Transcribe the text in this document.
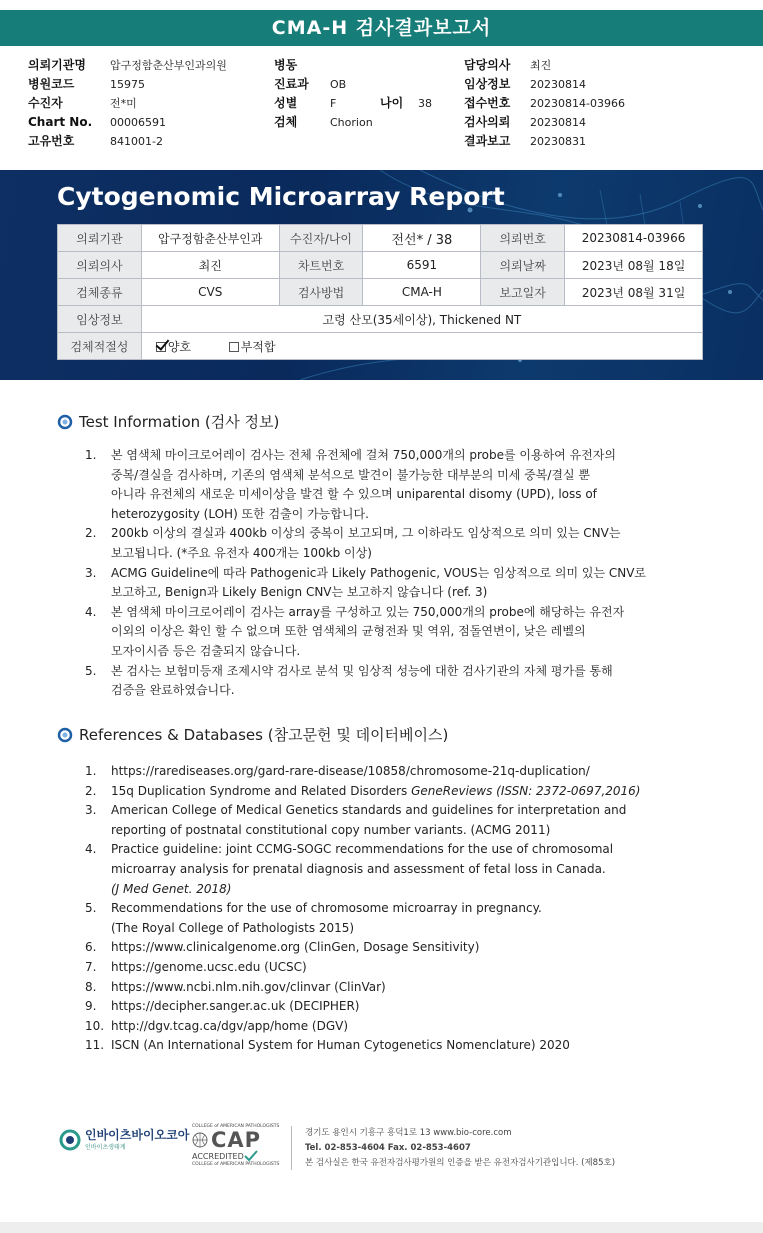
CMA-H 검사결과보고서
의뢰기관명 압구정함춘산부인과의원
병원코드	15975
수진자	전*미
Chart No. 00006591
고유번호	841001-2
병동
진료과 OB
성별	F	나이 38
검체	Chorion
담당의사 최진
임상정보 20230814
접수번호 20230814-03966
검사의뢰 20230814
결과보고 20230831
Cytogenomic Microarray Report
의뢰기관	압구정함춘산부인과	수진자/나이	전선* / 38	의뢰번호	20230814-03966
의뢰의사	최진	차트번호	6591	의뢰날짜	2023년 08월 18일
검체종류	CVS	검사방법	CMA-H	보고일자	2023년 08월 31일
임상정보	고령 산모(35세이상), Thickened NT				
검체적절성	양호 부적합				
Test Information (검사 정보)
1. 본 염색체 마이크로어레이 검사는 전체 유전체에 걸쳐 750,000개의 probe를 이용하여 유전자의
중복/결실을 검사하며, 기존의 염색체 분석으로 발견이 불가능한 대부분의 미세 중복/결실 뿐
아니라 유전체의 새로운 미세이상을 발견 할 수 있으며 uniparental disomy (UPD), loss of
heterozygosity (LOH) 또한 검출이 가능합니다.
2. 200kb 이상의 결실과 400kb 이상의 중복이 보고되며, 그 이하라도 임상적으로 의미 있는 CNV는
보고됩니다. (*주요 유전자 400개는 100kb 이상)
3. ACMG Guideline에 따라 Pathogenic과 Likely Pathogenic, VOUS는 임상적으로 의미 있는 CNV로
보고하고, Benign과 Likely Benign CNV는 보고하지 않습니다 (ref. 3)
4. 본 염색체 마이크로어레이 검사는 array를 구성하고 있는 750,000개의 probe에 해당하는 유전자
이외의 이상은 확인 할 수 없으며 또한 염색체의 균형전좌 및 역위, 점돌연변이, 낮은 레벨의
모자이시즘 등은 검출되지 않습니다.
5. 본 검사는 보험미등재 조제시약 검사로 분석 및 임상적 성능에 대한 검사기관의 자체 평가를 통해
검증을 완료하였습니다.
References & Databases (참고문헌 및 데이터베이스)
1. https://rarediseases.org/gard-rare-disease/10858/chromosome-21q-duplication/
2. 15q Duplication Syndrome and Related Disorders GeneReviews (ISSN: 2372-0697,2016)
3. American College of Medical Genetics standards and guidelines for interpretation and
reporting of postnatal constitutional copy number variants. (ACMG 2011)
4. Practice guideline: joint CCMG-SOGC recommendations for the use of chromosomal
microarray analysis for prenatal diagnosis and assessment of fetal loss in Canada.
(J Med Genet. 2018)
5. Recommendations for the use of chromosome microarray in pregnancy.
(The Royal College of Pathologists 2015)
6. https://www.clinicalgenome.org (ClinGen, Dosage Sensitivity)
7. https://genome.ucsc.edu (UCSC)
8. https://www.ncbi.nlm.nih.gov/clinvar (ClinVar)
9. https://decipher.sanger.ac.uk (DECIPHER)
10. http://dgv.tcag.ca/dgv/app/home (DGV)
11. ISCN (An International System for Human Cytogenetics Nomenclature) 2020
인바이츠바이오코아
인바이츠생태계
COLLEGE of AMERICAN PATHOLOGISTS
CAP
ACCREDITED
COLLEGE of AMERICAN PATHOLOGISTS
경기도 용인시 기흥구 흥덕1로 13 www.bio-core.com
Tel. 02-853-4604 Fax. 02-853-4607
본 검사실은 한국 유전자검사평가원의 인증을 받은 유전자검사기관입니다. (제85호)
